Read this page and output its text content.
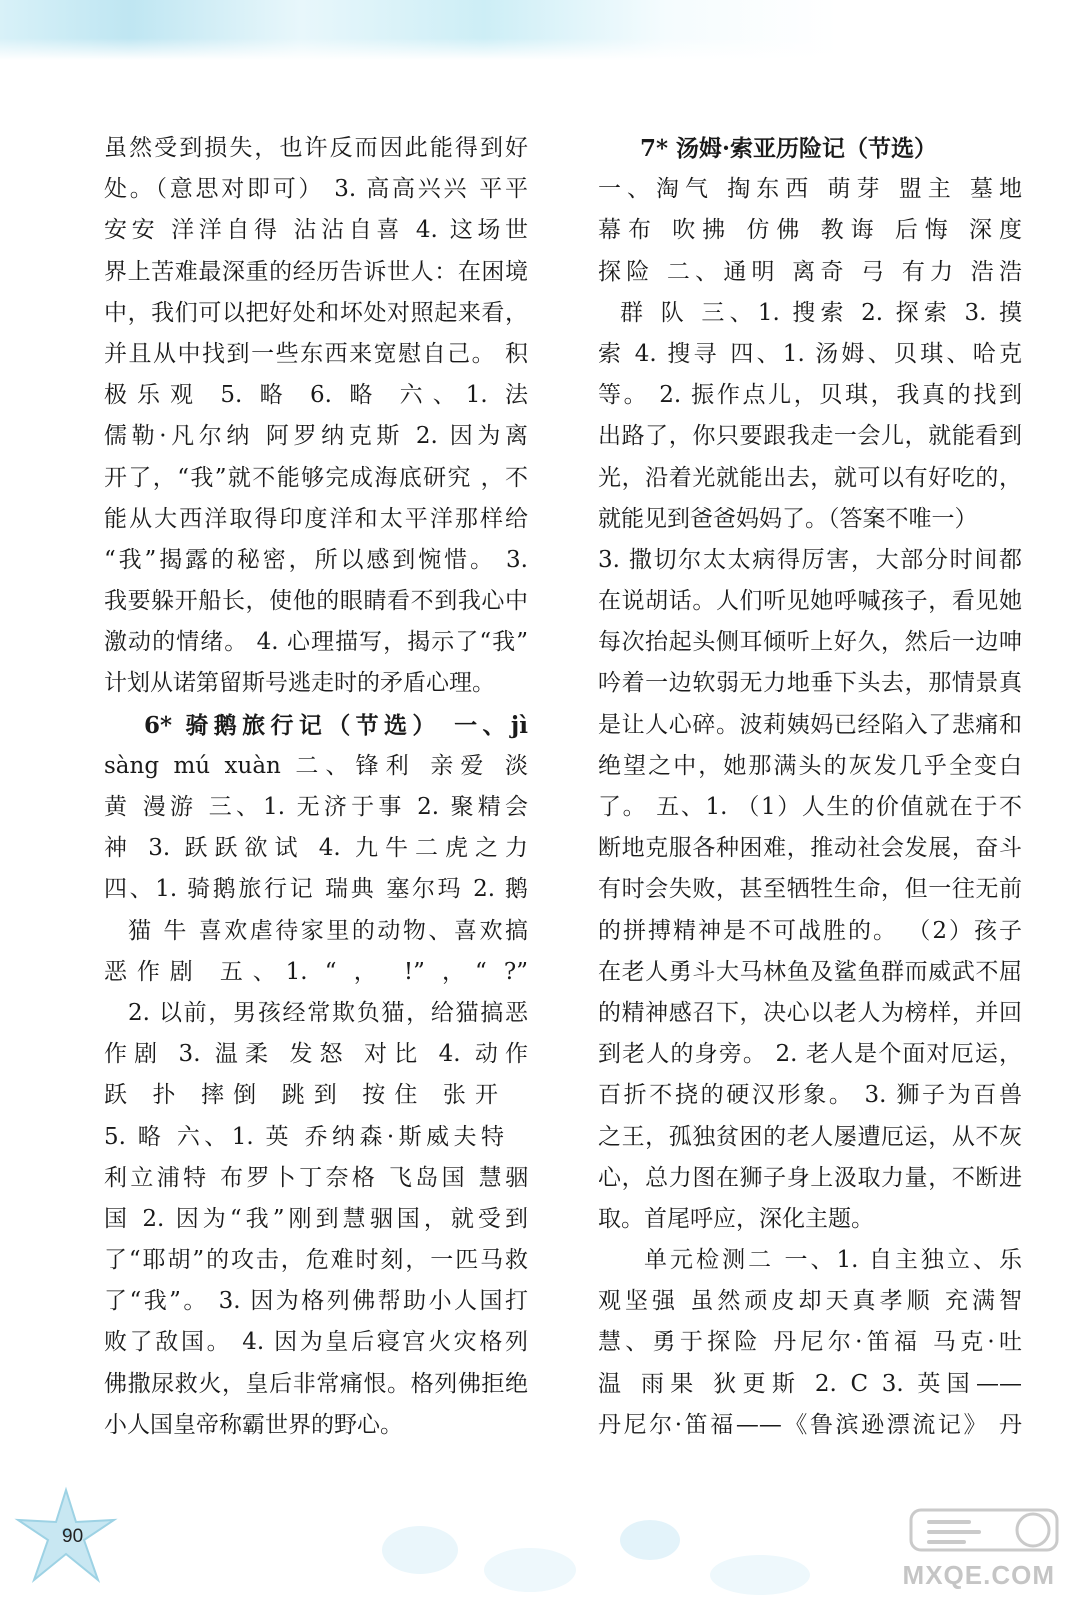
虽然受到损失，也许反而因此能得到好
处。（意思对即可） 3. 高高兴兴 平平
安安 洋洋自得 沾沾自喜 4. 这场世
界上苦难最深重的经历告诉世人：在困境
中，我们可以把好处和坏处对照起来看，
并且从中找到一些东西来宽慰自己。 积
极乐观 5. 略 6. 略 六、1. 法
儒勒·凡尔纳 阿罗纳克斯 2. 因为离
开了，“我”就不能够完成海底研究 ，不
能从大西洋取得印度洋和太平洋那样给
“我”揭露的秘密，所以感到惋惜。 3.
我要躲开船长，使他的眼睛看不到我心中
激动的情绪。 4. 心理描写，揭示了“我”
计划从诺第留斯号逃走时的矛盾心理。
6* 骑鹅旅行记（节选） 一、jì
sàng mú xuàn 二、锋利 亲爱 淡
黄 漫游 三、1. 无济于事 2. 聚精会
神 3. 跃跃欲试 4. 九牛二虎之力
四、1. 骑鹅旅行记 瑞典 塞尔玛 2. 鹅
猫 牛 喜欢虐待家里的动物、喜欢搞
恶作剧 五、1. “ ， !” ，“ ?”
2. 以前，男孩经常欺负猫，给猫搞恶
作剧 3. 温柔 发怒 对比 4. 动作
跃 扑 摔倒 跳到 按住 张开
5. 略 六、1. 英 乔纳森·斯威夫特
利立浦特 布罗卜丁奈格 飞岛国 慧骃
国 2. 因为“我”刚到慧骃国，就受到
了“耶胡”的攻击，危难时刻，一匹马救
了“我”。 3. 因为格列佛帮助小人国打
败了敌国。 4. 因为皇后寝宫火灾格列
佛撒尿救火，皇后非常痛恨。格列佛拒绝
小人国皇帝称霸世界的野心。
7* 汤姆·索亚历险记（节选）
一、淘气 掏东西 萌芽 盟主 墓地
幕布 吹拂 仿佛 教诲 后悔 深度
探险 二、通明 离奇 弓 有力 浩浩
群 队 三、1. 搜索 2. 探索 3. 摸
索 4. 搜寻 四、1. 汤姆、贝琪、哈克
等。 2. 振作点儿，贝琪，我真的找到
出路了，你只要跟我走一会儿，就能看到
光，沿着光就能出去，就可以有好吃的，
就能见到爸爸妈妈了。（答案不唯一）
3. 撒切尔太太病得厉害，大部分时间都
在说胡话。人们听见她呼喊孩子，看见她
每次抬起头侧耳倾听上好久，然后一边呻
吟着一边软弱无力地垂下头去，那情景真
是让人心碎。波莉姨妈已经陷入了悲痛和
绝望之中，她那满头的灰发几乎全变白
了。 五、1. （1）人生的价值就在于不
断地克服各种困难，推动社会发展，奋斗
有时会失败，甚至牺牲生命，但一往无前
的拼搏精神是不可战胜的。 （2）孩子
在老人勇斗大马林鱼及鲨鱼群而威武不屈
的精神感召下，决心以老人为榜样，并回
到老人的身旁。 2. 老人是个面对厄运，
百折不挠的硬汉形象。 3. 狮子为百兽
之王，孤独贫困的老人屡遭厄运，从不灰
心，总力图在狮子身上汲取力量，不断进
取。首尾呼应，深化主题。
单元检测二 一、1. 自主独立、乐
观坚强 虽然顽皮却天真孝顺 充满智
慧、勇于探险 丹尼尔·笛福 马克·吐
温 雨果 狄更斯 2. C 3. 英国——
丹尼尔·笛福——《鲁滨逊漂流记》 丹
90
MXQE.COM
